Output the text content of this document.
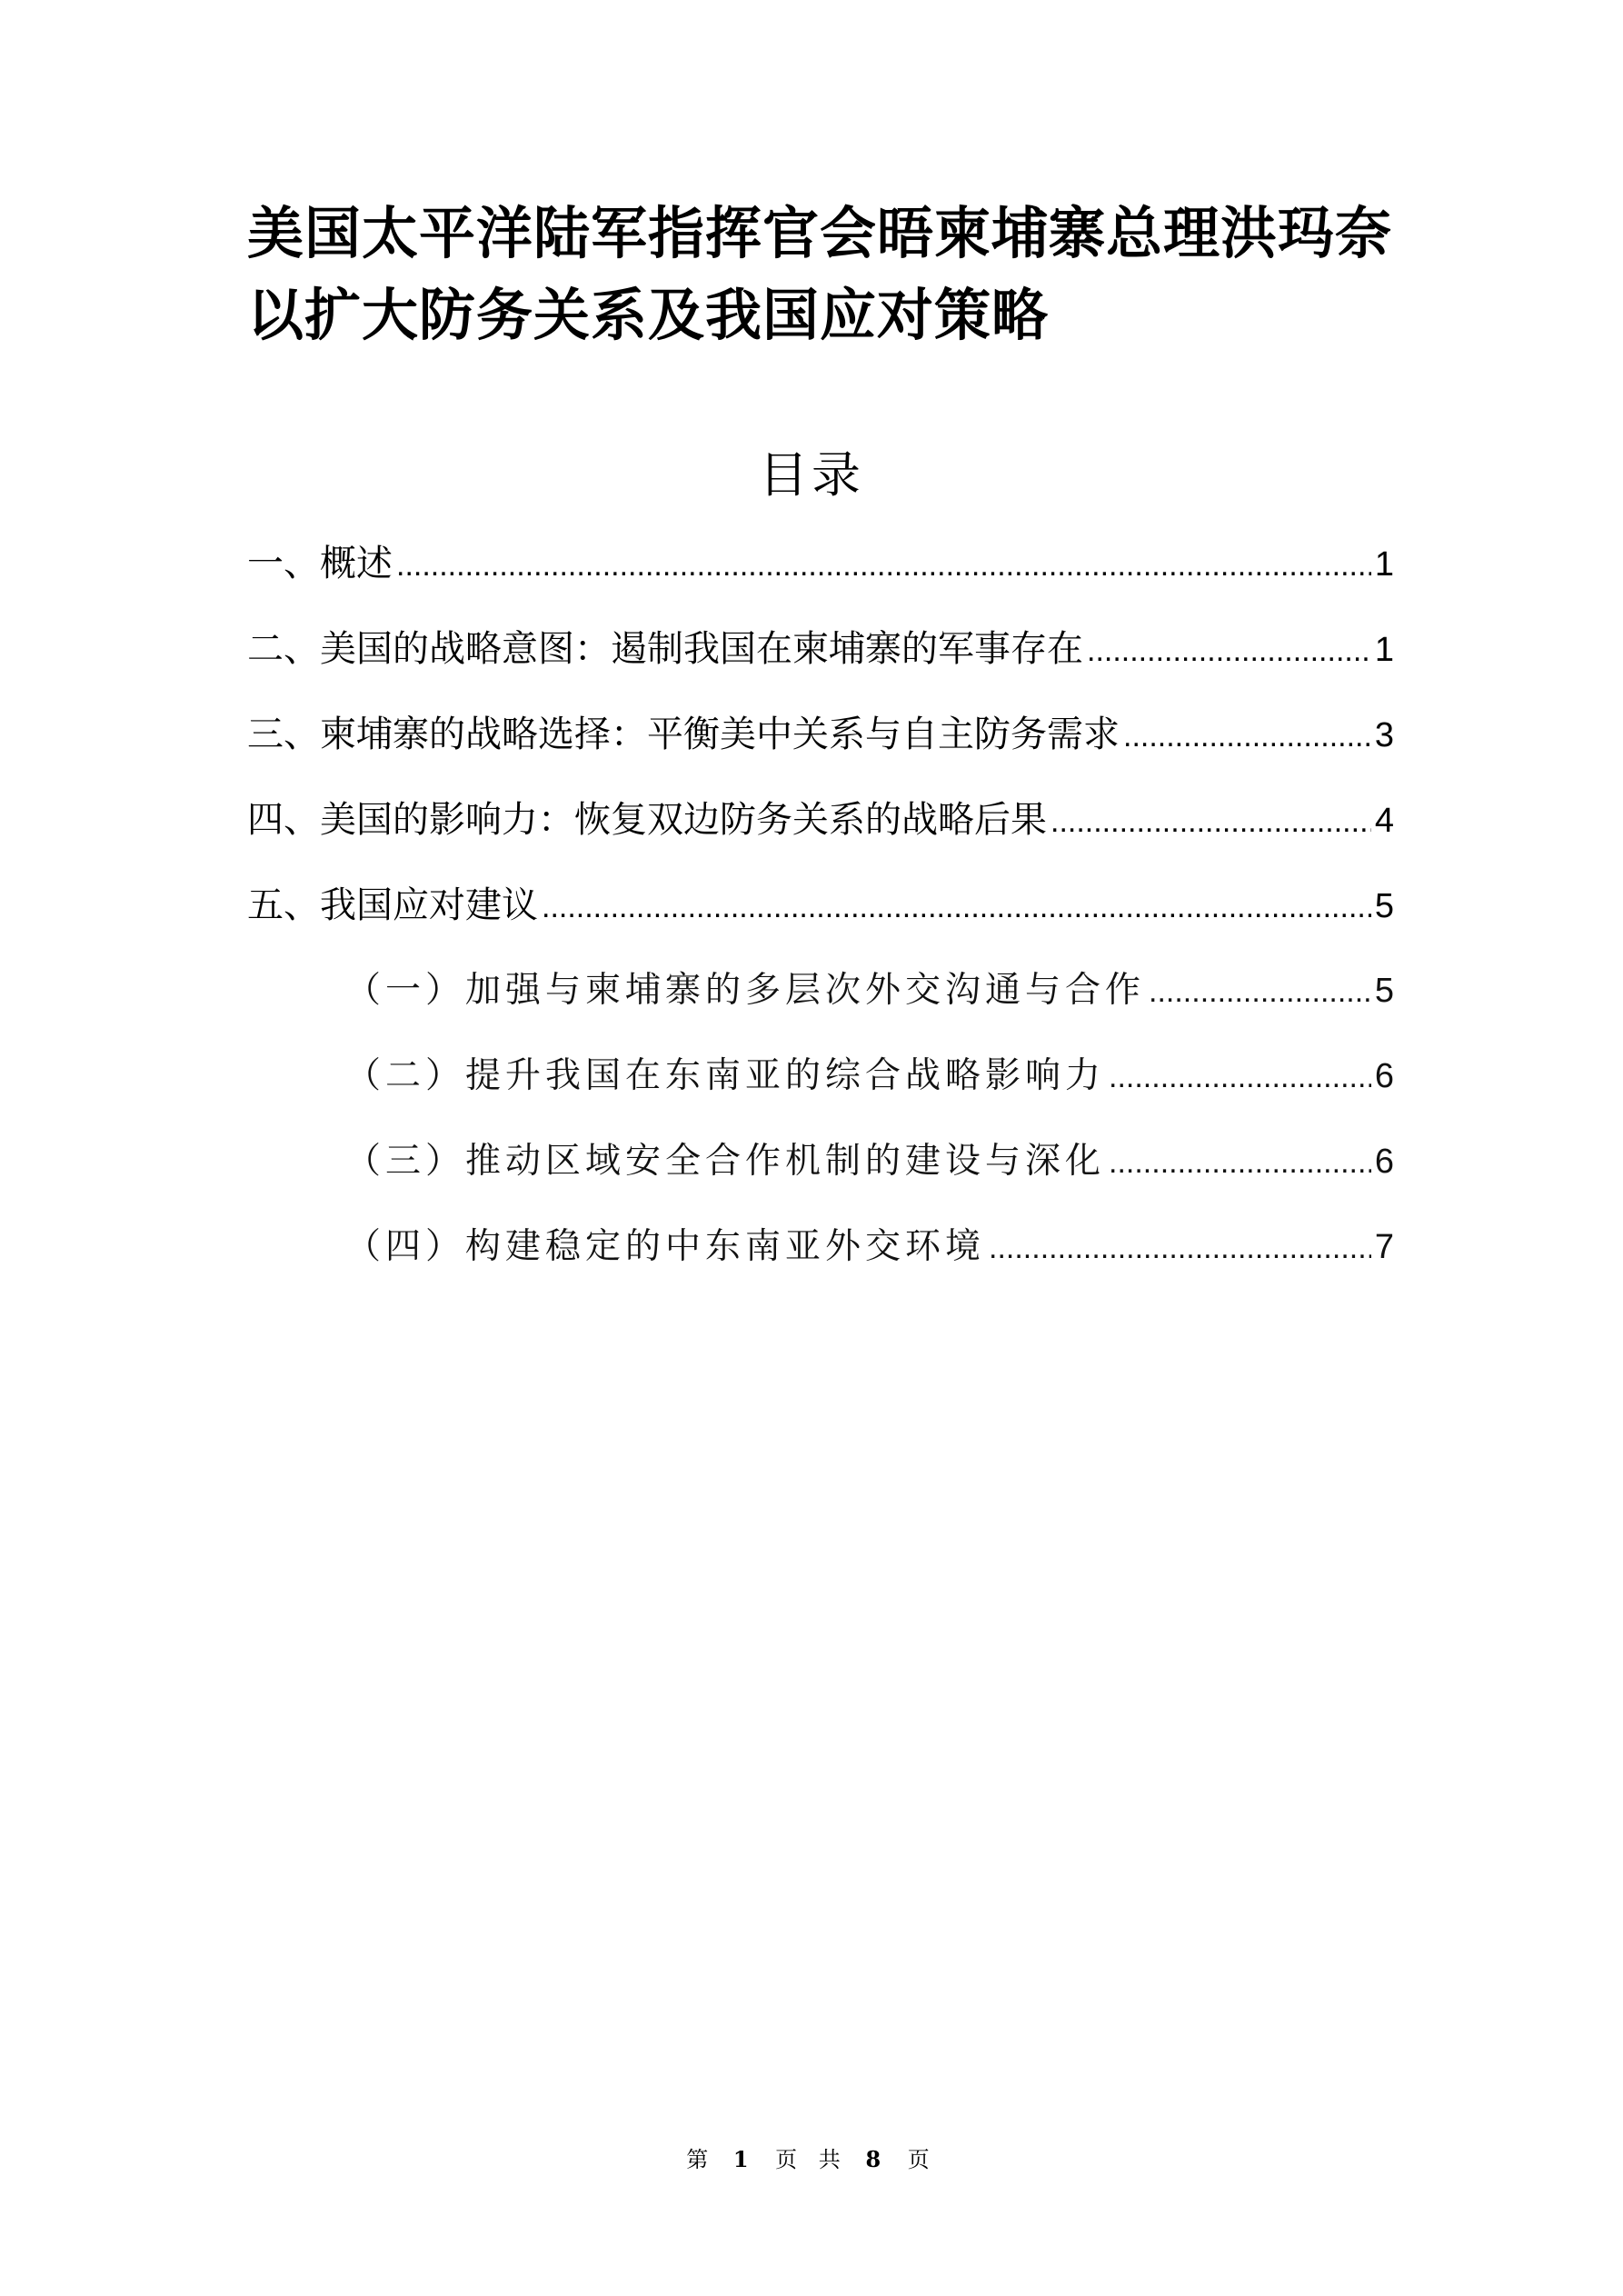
美国太平洋陆军指挥官会晤柬埔寨总理洪玛奈以扩大防务关系及我国应对策略
目录
一、概述 .....	1
二、美国的战略意图：遏制我国在柬埔寨的军事存在 .....	1
三、柬埔寨的战略选择：平衡美中关系与自主防务需求 .....	3
四、美国的影响力：恢复双边防务关系的战略后果 .....	4
五、我国应对建议 .....	5
（一）加强与柬埔寨的多层次外交沟通与合作 .....	5
（二）提升我国在东南亚的综合战略影响力 .....	6
（三）推动区域安全合作机制的建设与深化 .....	6
（四）构建稳定的中东南亚外交环境 .....	7
第 1 页 共 8 页
